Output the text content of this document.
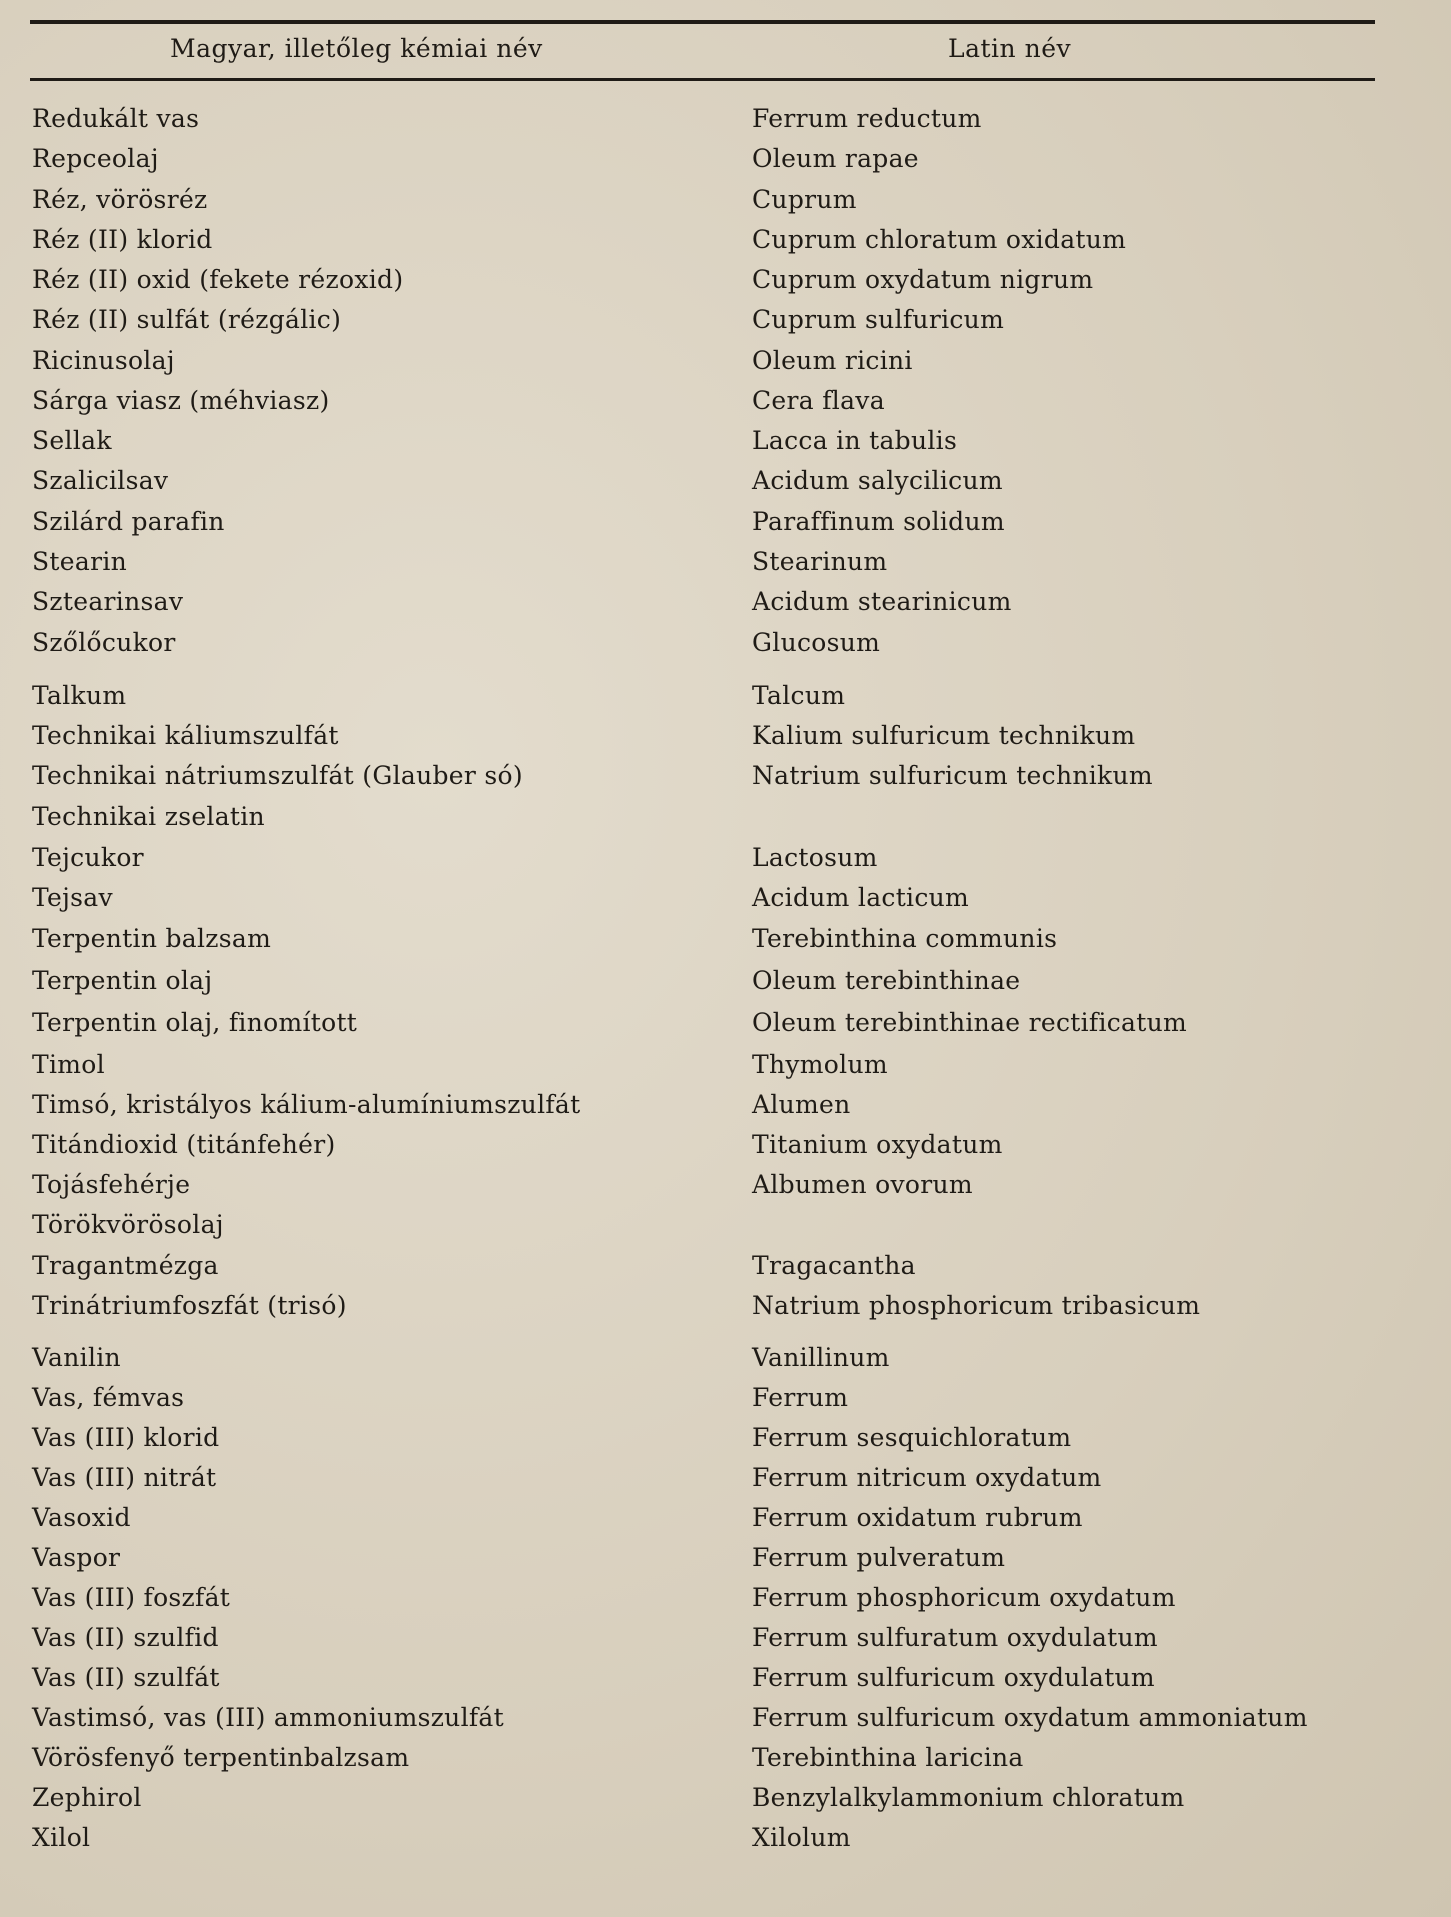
Magyar, illetőleg kémiai név	Latin név
Redukált vas	Ferrum reductum
Repceolaj	Oleum rapae
Réz, vörösréz	Cuprum
Réz (II) klorid	Cuprum chloratum oxidatum
Réz (II) oxid (fekete rézoxid)	Cuprum oxydatum nigrum
Réz (II) sulfát (rézgálic)	Cuprum sulfuricum
Ricinusolaj	Oleum ricini
Sárga viasz (méhviasz)	Cera flava
Sellak	Lacca in tabulis
Szalicilsav	Acidum salycilicum
Szilárd parafin	Paraffinum solidum
Stearin	Stearinum
Sztearinsav	Acidum stearinicum
Szőlőcukor	Glucosum
Talkum	Talcum
Technikai káliumszulfát	Kalium sulfuricum technikum
Technikai nátriumszulfát (Glauber só)	Natrium sulfuricum technikum
Technikai zselatin
Tejcukor	Lactosum
Tejsav	Acidum lacticum
Terpentin balzsam	Terebinthina communis
Terpentin olaj	Oleum terebinthinae
Terpentin olaj, finomított	Oleum terebinthinae rectificatum
Timol	Thymolum
Timsó, kristályos kálium-alumíniumszulfát	Alumen
Titándioxid (titánfehér)	Titanium oxydatum
Tojásfehérje	Albumen ovorum
Törökvörösolaj
Tragantmézga	Tragacantha
Trinátriumfoszfát (trisó)	Natrium phosphoricum tribasicum
Vanilin	Vanillinum
Vas, fémvas	Ferrum
Vas (III) klorid	Ferrum sesquichloratum
Vas (III) nitrát	Ferrum nitricum oxydatum
Vasoxid	Ferrum oxidatum rubrum
Vaspor	Ferrum pulveratum
Vas (III) foszfát	Ferrum phosphoricum oxydatum
Vas (II) szulfid	Ferrum sulfuratum oxydulatum
Vas (II) szulfát	Ferrum sulfuricum oxydulatum
Vastimsó, vas (III) ammoniumszulfát	Ferrum sulfuricum oxydatum ammoniatum
Vörösfenyő terpentinbalzsam	Terebinthina laricina
Zephirol	Benzylalkylammonium chloratum
Xilol	Xilolum
